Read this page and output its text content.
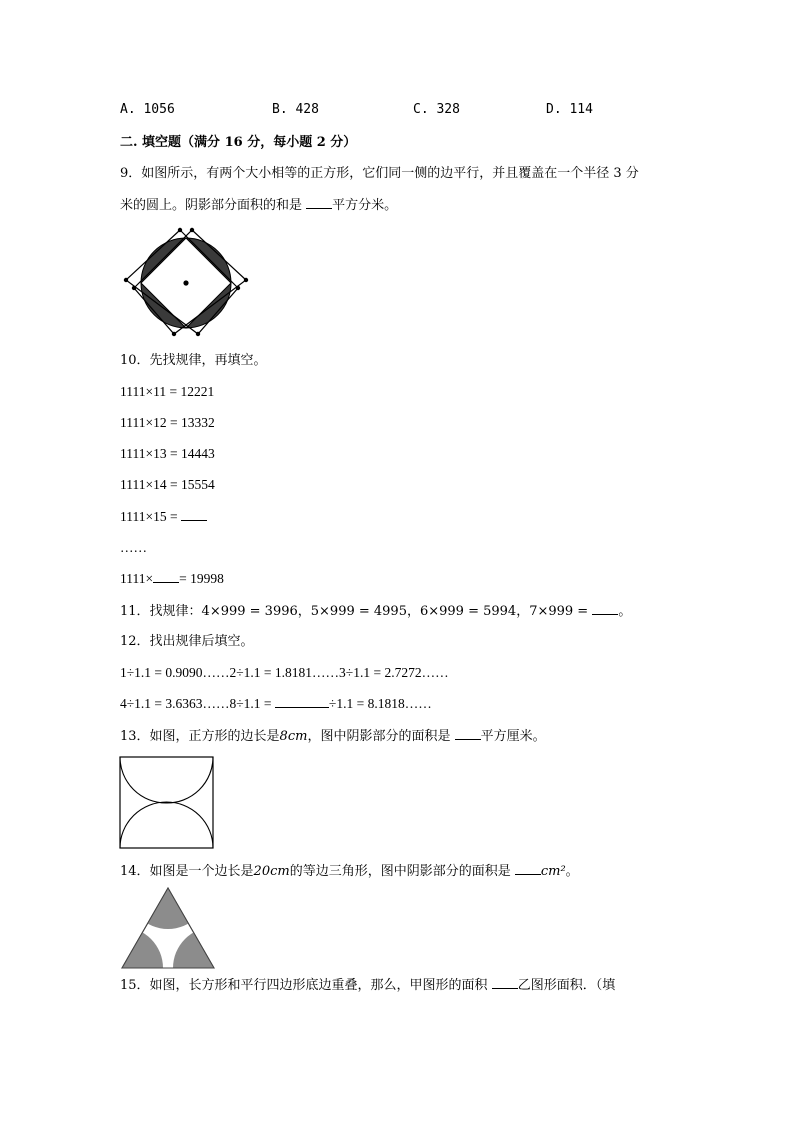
A. 1056	B. 428	C. 328	D. 114
二. 填空题（满分 16 分，每小题 2 分）
9．如图所示，有两个大小相等的正方形，它们同一侧的边平行，并且覆盖在一个半径 3 分
米的圆上。阴影部分面积的和是 平方分米。
10．先找规律，再填空。
1111×11 = 12221
1111×12 = 13332
1111×13 = 14443
1111×14 = 15554
1111×15 =
……
1111× = 19998
11．找规律：4×999 = 3996，5×999 = 4995，6×999 = 5994，7×999 = 。
12．找出规律后填空。
1÷1.1 = 0.9090……2÷1.1 = 1.8181……3÷1.1 = 2.7272……
4÷1.1 = 3.6363……8÷1.1 =	÷1.1 = 8.1818……
13．如图，正方形的边长是8cm，图中阴影部分的面积是 平方厘米。
14．如图是一个边长是20cm的等边三角形，图中阴影部分的面积是 cm²。
15．如图，长方形和平行四边形底边重叠，那么，甲图形的面积 乙图形面积．（填
